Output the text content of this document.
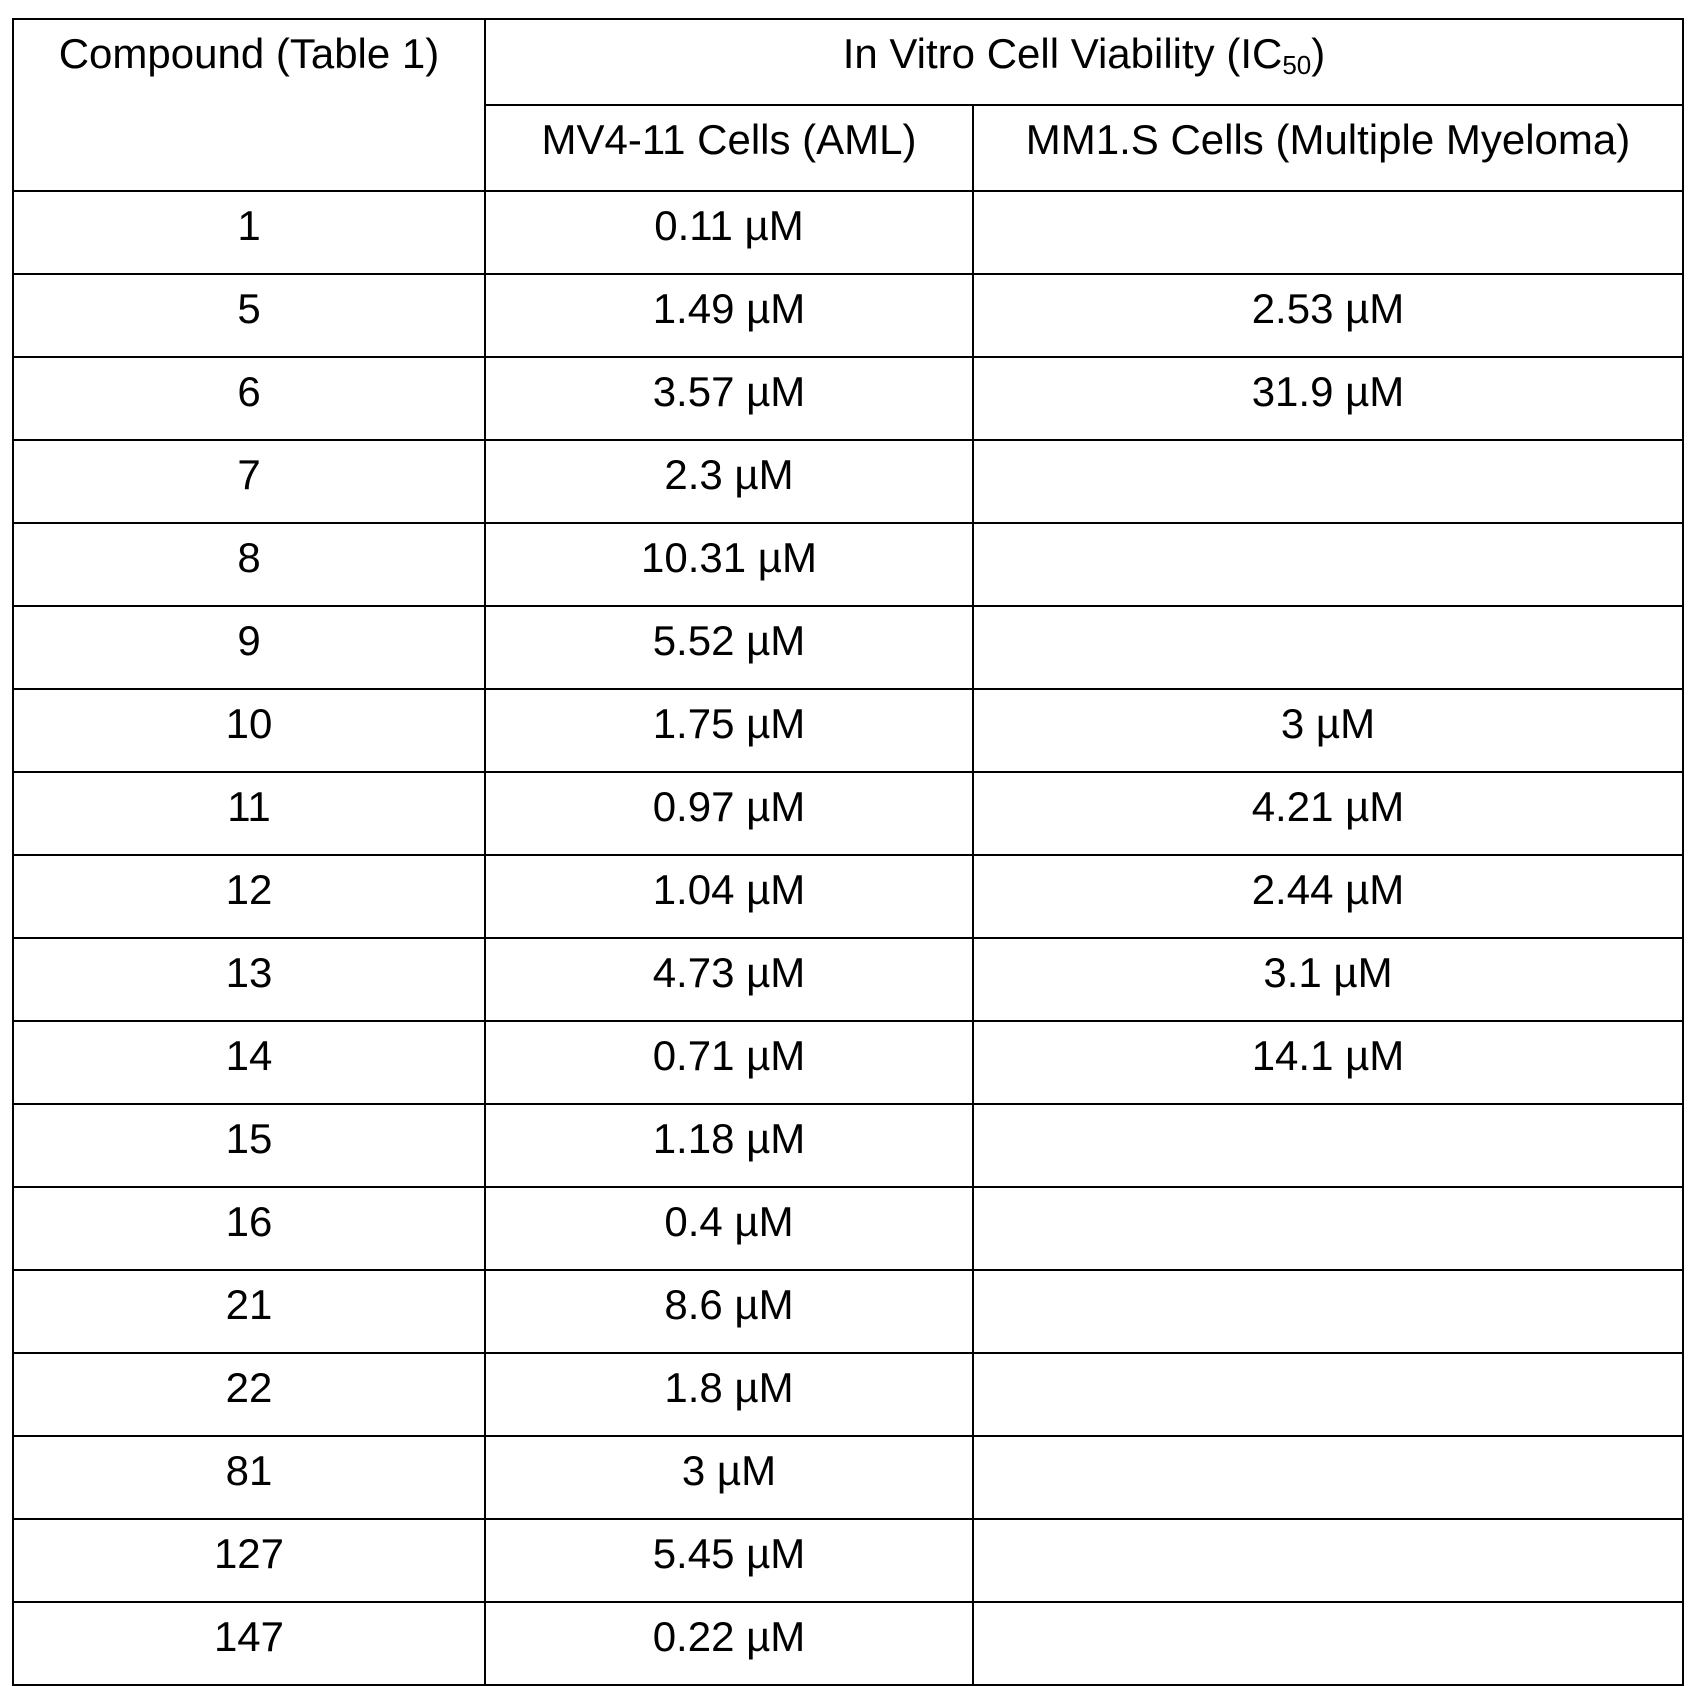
Compound (Table 1)	In Vitro Cell Viability (IC50)
MV4-11 Cells (AML)	MM1.S Cells (Multiple Myeloma)
1	0.11 µM	
5	1.49 µM	2.53 µM
6	3.57 µM	31.9 µM
7	2.3 µM	
8	10.31 µM	
9	5.52 µM	
10	1.75 µM	3 µM
11	0.97 µM	4.21 µM
12	1.04 µM	2.44 µM
13	4.73 µM	3.1 µM
14	0.71 µM	14.1 µM
15	1.18 µM	
16	0.4 µM	
21	8.6 µM	
22	1.8 µM	
81	3 µM	
127	5.45 µM	
147	0.22 µM	
